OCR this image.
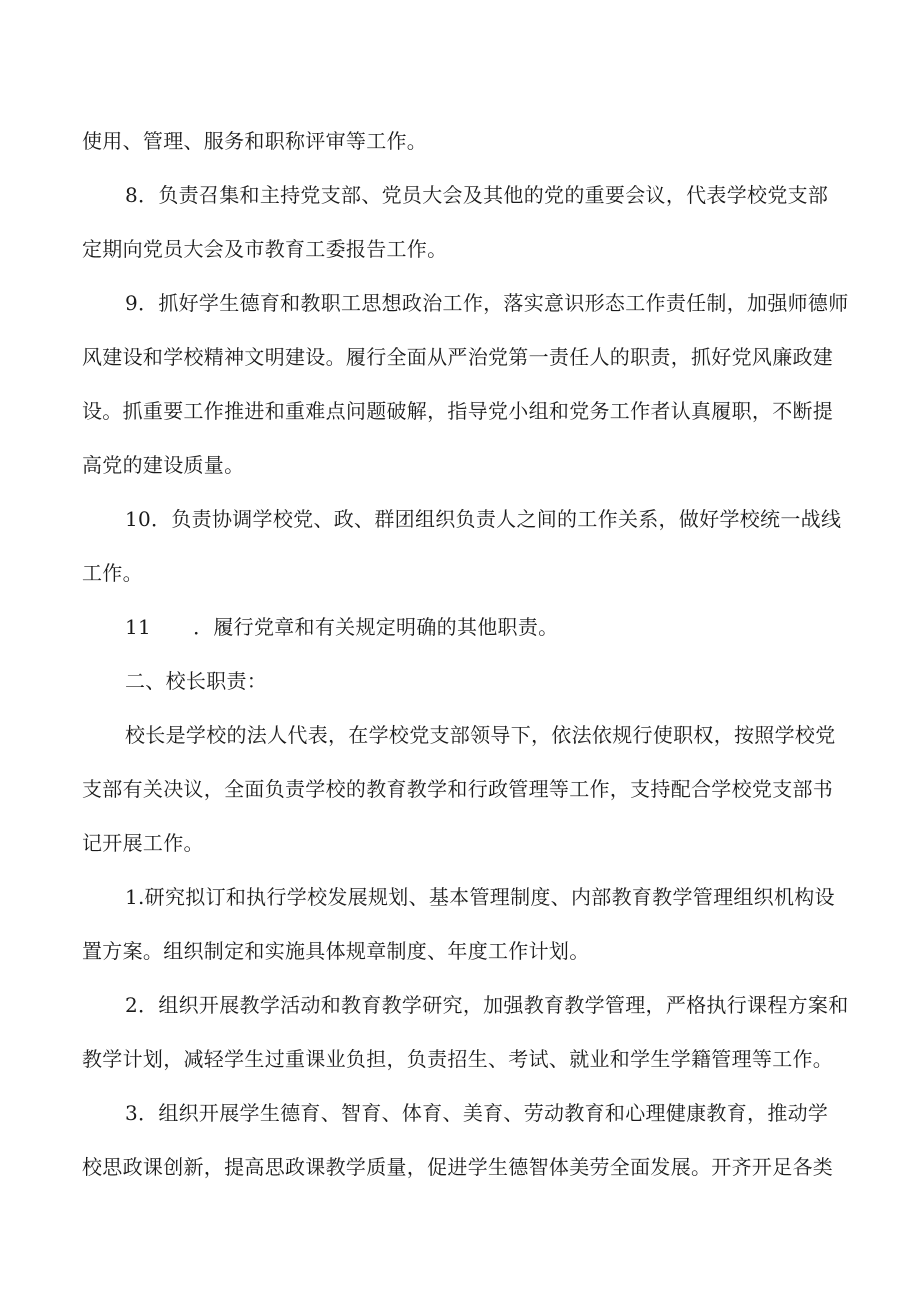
使用、管理、服务和职称评审等工作。
8．负责召集和主持党支部、党员大会及其他的党的重要会议，代表学校党支部
定期向党员大会及市教育工委报告工作。
9．抓好学生德育和教职工思想政治工作，落实意识形态工作责任制，加强师德师
风建设和学校精神文明建设。履行全面从严治党第一责任人的职责，抓好党风廉政建
设。抓重要工作推进和重难点问题破解，指导党小组和党务工作者认真履职，不断提
高党的建设质量。
10．负责协调学校党、政、群团组织负责人之间的工作关系，做好学校统一战线
工作。
11 ．履行党章和有关规定明确的其他职责。
二、校长职责：
校长是学校的法人代表，在学校党支部领导下，依法依规行使职权，按照学校党
支部有关决议，全面负责学校的教育教学和行政管理等工作，支持配合学校党支部书
记开展工作。
1.研究拟订和执行学校发展规划、基本管理制度、内部教育教学管理组织机构设
置方案。组织制定和实施具体规章制度、年度工作计划。
2．组织开展教学活动和教育教学研究，加强教育教学管理，严格执行课程方案和
教学计划，减轻学生过重课业负担，负责招生、考试、就业和学生学籍管理等工作。
3．组织开展学生德育、智育、体育、美育、劳动教育和心理健康教育，推动学
校思政课创新，提高思政课教学质量，促进学生德智体美劳全面发展。开齐开足各类
